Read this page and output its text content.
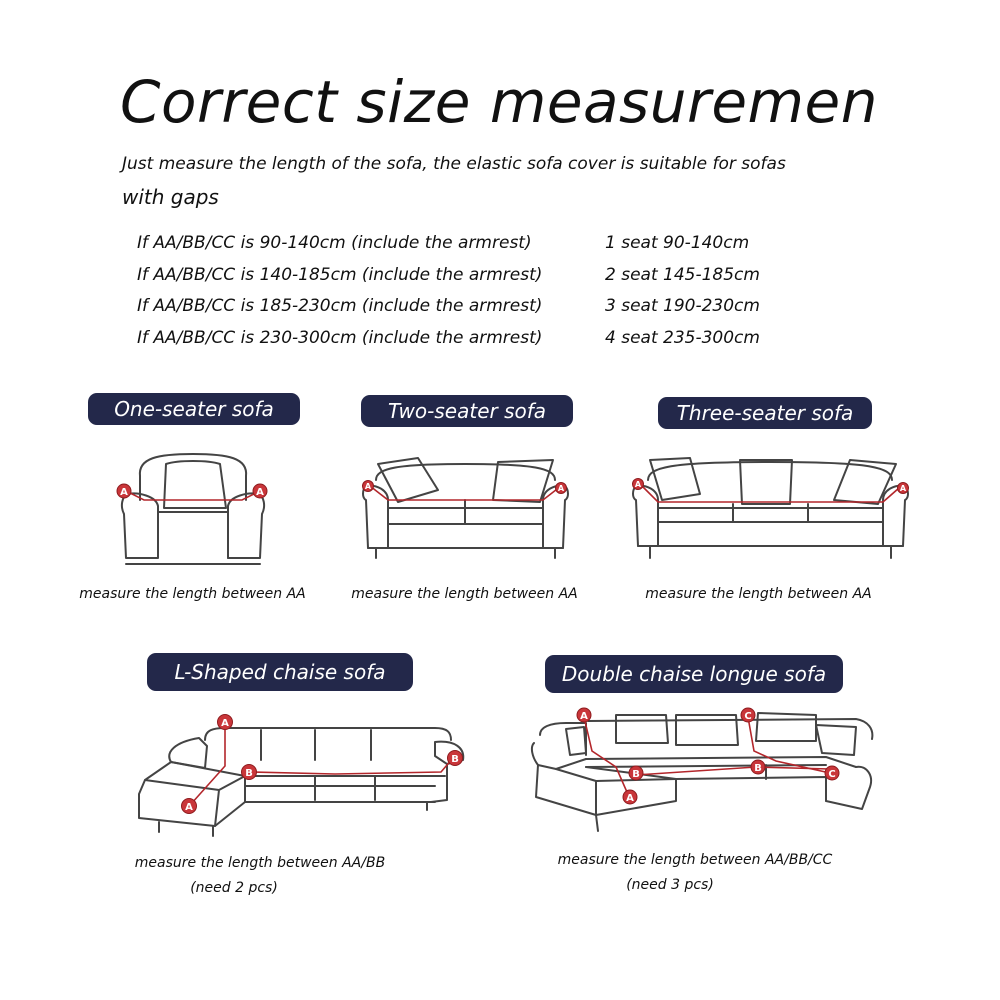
Correct size measuremen
Just measure the length of the sofa, the elastic sofa cover is suitable for sofas
with gaps
If AA/BB/CC is 90-140cm (include the armrest)	1 seat 90-140cm
If AA/BB/CC is 140-185cm (include the armrest)	2 seat 145-185cm
If AA/BB/CC is 185-230cm (include the armrest)	3 seat 190-230cm
If AA/BB/CC is 230-300cm (include the armrest)	4 seat 235-300cm
One-seater sofa	Two-seater sofa	Three-seater sofa
A	A
A	A	A	A
measure the length between AA	measure the length between AA	measure the length between AA
L-Shaped chaise sofa	Double chaise longue sofa
A
A
B
B
A
A
B
B
C
C
measure the length between AA/BB
(need 2 pcs)
measure the length between AA/BB/CC
(need 3 pcs)
